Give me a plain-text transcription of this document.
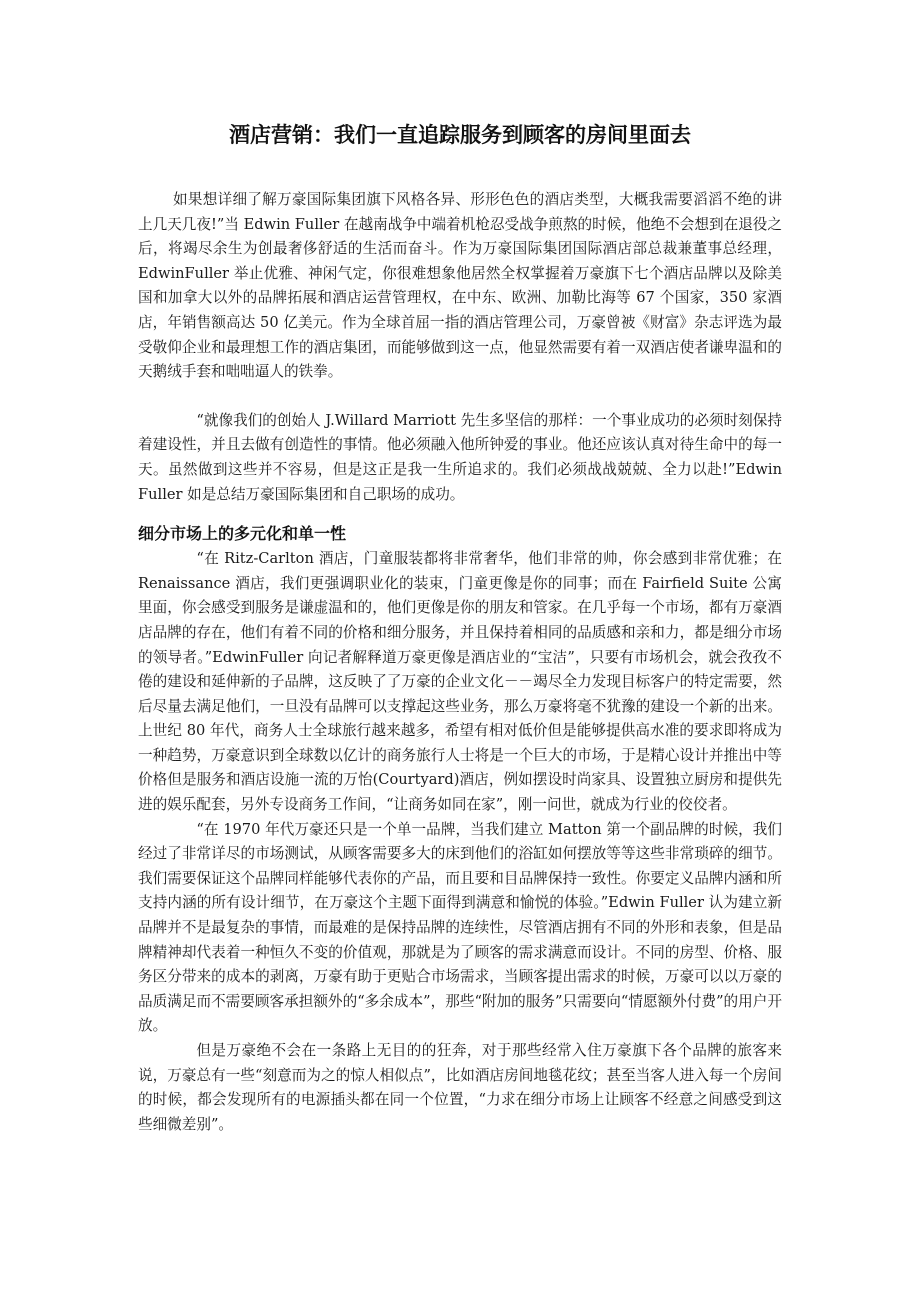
酒店营销：我们一直追踪服务到顾客的房间里面去

如果想详细了解万豪国际集团旗下风格各异、形形色色的酒店类型，大概我需要滔滔不绝的讲上几天几夜!”当 Edwin Fuller 在越南战争中端着机枪忍受战争煎熬的时候，他绝不会想到在退役之后，将竭尽余生为创最奢侈舒适的生活而奋斗。作为万豪国际集团国际酒店部总裁兼董事总经理，EdwinFuller 举止优雅、神闲气定，你很难想象他居然全权掌握着万豪旗下七个酒店品牌以及除美国和加拿大以外的品牌拓展和酒店运营管理权，在中东、欧洲、加勒比海等 67 个国家，350 家酒店，年销售额高达 50 亿美元。作为全球首屈一指的酒店管理公司，万豪曾被《财富》杂志评选为最受敬仰企业和最理想工作的酒店集团，而能够做到这一点，他显然需要有着一双酒店使者谦卑温和的天鹅绒手套和咄咄逼人的铁拳。

“就像我们的创始人 J.Willard Marriott 先生多坚信的那样：一个事业成功的必须时刻保持着建设性，并且去做有创造性的事情。他必须融入他所钟爱的事业。他还应该认真对待生命中的每一天。虽然做到这些并不容易，但是这正是我一生所追求的。我们必须战战兢兢、全力以赴!”Edwin Fuller 如是总结万豪国际集团和自己职场的成功。

细分市场上的多元化和单一性

“在 Ritz-Carlton 酒店，门童服装都将非常奢华，他们非常的帅，你会感到非常优雅；在 Renaissance 酒店，我们更强调职业化的装束，门童更像是你的同事；而在 Fairfield Suite 公寓里面，你会感受到服务是谦虚温和的，他们更像是你的朋友和管家。在几乎每一个市场，都有万豪酒店品牌的存在，他们有着不同的价格和细分服务，并且保持着相同的品质感和亲和力，都是细分市场的领导者。”EdwinFuller 向记者解释道万豪更像是酒店业的“宝洁”，只要有市场机会，就会孜孜不倦的建设和延伸新的子品牌，这反映了了万豪的企业文化－－竭尽全力发现目标客户的特定需要，然后尽量去满足他们，一旦没有品牌可以支撑起这些业务，那么万豪将毫不犹豫的建设一个新的出来。上世纪 80 年代，商务人士全球旅行越来越多，希望有相对低价但是能够提供高水准的要求即将成为一种趋势，万豪意识到全球数以亿计的商务旅行人士将是一个巨大的市场，于是精心设计并推出中等价格但是服务和酒店设施一流的万怡(Courtyard)酒店，例如摆设时尚家具、设置独立厨房和提供先进的娱乐配套，另外专设商务工作间，“让商务如同在家”，刚一问世，就成为行业的佼佼者。

“在 1970 年代万豪还只是一个单一品牌，当我们建立 Matton 第一个副品牌的时候，我们经过了非常详尽的市场测试，从顾客需要多大的床到他们的浴缸如何摆放等等这些非常琐碎的细节。我们需要保证这个品牌同样能够代表你的产品，而且要和目品牌保持一致性。你要定义品牌内涵和所支持内涵的所有设计细节，在万豪这个主题下面得到满意和愉悦的体验。”Edwin Fuller 认为建立新品牌并不是最复杂的事情，而最难的是保持品牌的连续性，尽管酒店拥有不同的外形和表象，但是品牌精神却代表着一种恒久不变的价值观，那就是为了顾客的需求满意而设计。不同的房型、价格、服务区分带来的成本的剥离，万豪有助于更贴合市场需求，当顾客提出需求的时候，万豪可以以万豪的品质满足而不需要顾客承担额外的“多余成本”，那些“附加的服务”只需要向“情愿额外付费”的用户开放。

但是万豪绝不会在一条路上无目的的狂奔，对于那些经常入住万豪旗下各个品牌的旅客来说，万豪总有一些“刻意而为之的惊人相似点”，比如酒店房间地毯花纹；甚至当客人进入每一个房间的时候，都会发现所有的电源插头都在同一个位置，“力求在细分市场上让顾客不经意之间感受到这些细微差别”。
